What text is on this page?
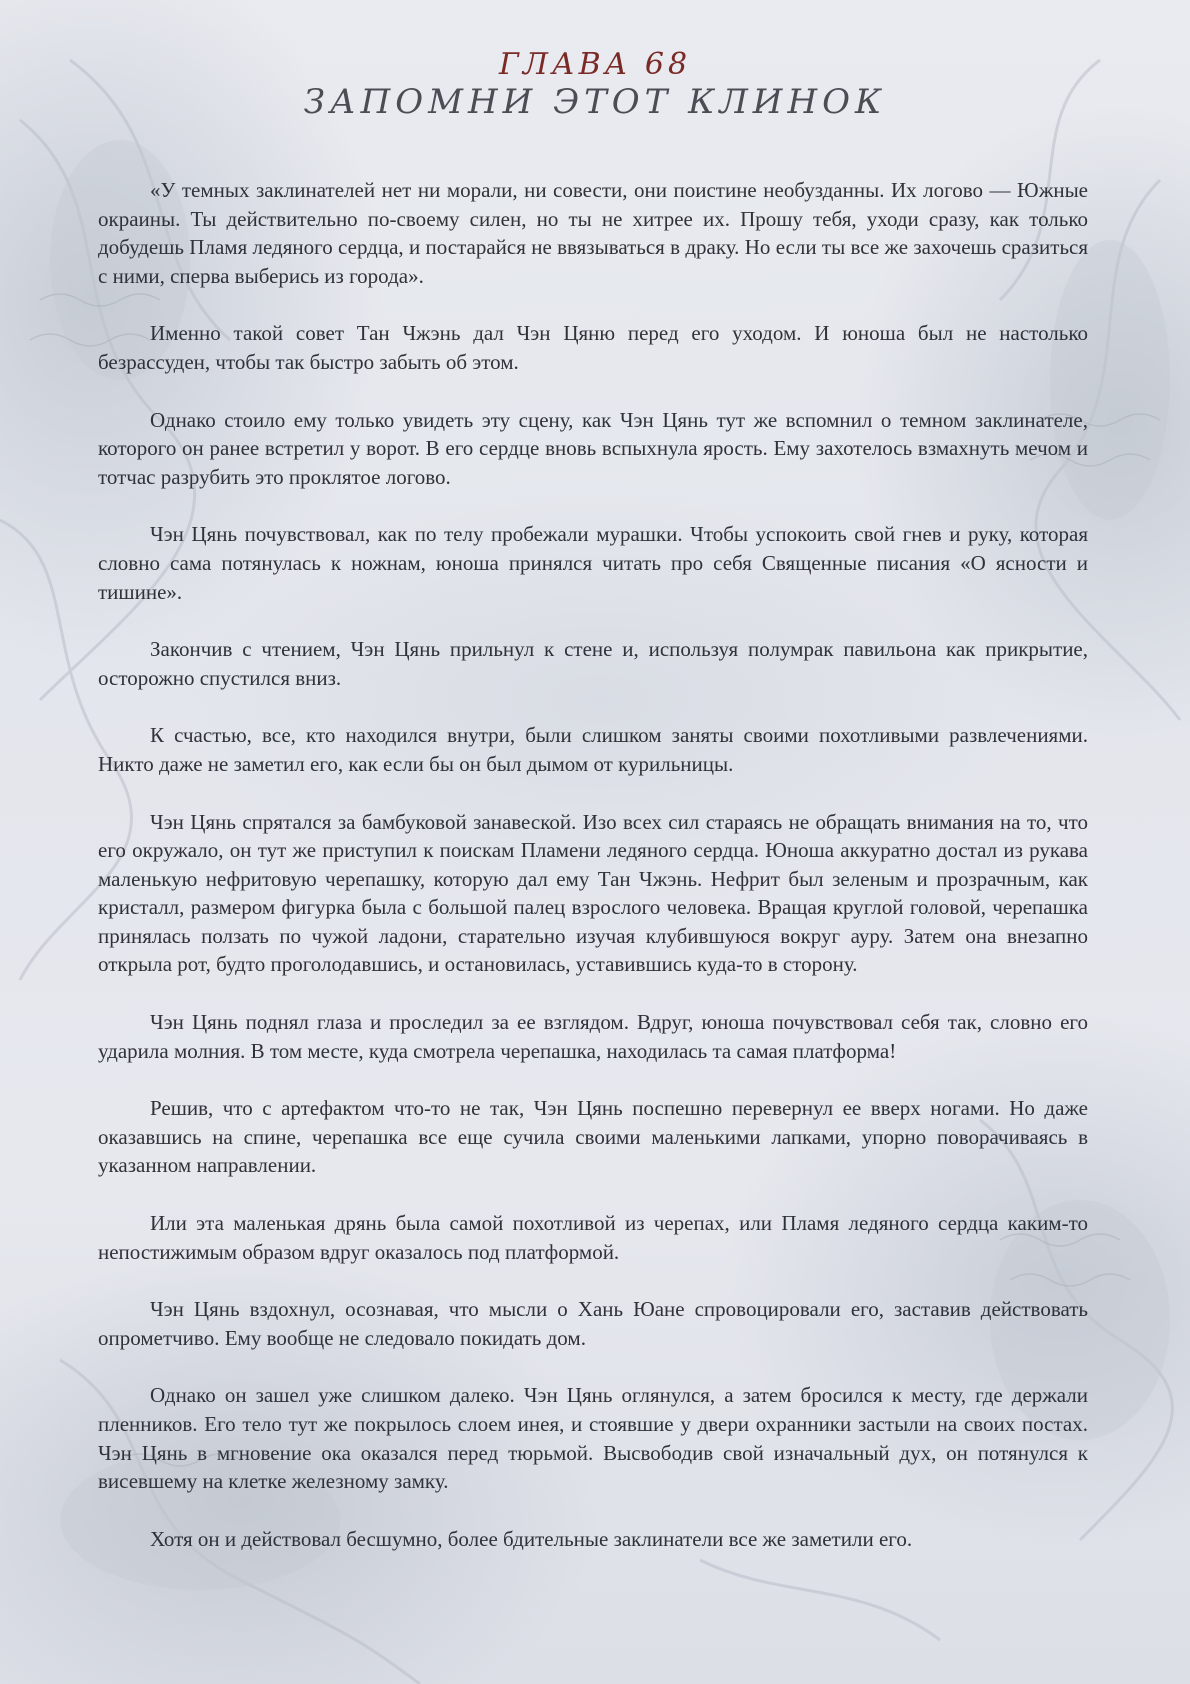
ГЛАВА 68
ЗАПОМНИ ЭТОТ КЛИНОК

«У темных заклинателей нет ни морали, ни совести, они поистине необузданны. Их логово — Южные окраины. Ты действительно по-своему силен, но ты не хитрее их. Прошу тебя, уходи сразу, как только добудешь Пламя ледяного сердца, и постарайся не ввязываться в драку. Но если ты все же захочешь сразиться с ними, сперва выберись из города».

Именно такой совет Тан Чжэнь дал Чэн Цяню перед его уходом. И юноша был не настолько безрассуден, чтобы так быстро забыть об этом.

Однако стоило ему только увидеть эту сцену, как Чэн Цянь тут же вспомнил о темном заклинателе, которого он ранее встретил у ворот. В его сердце вновь вспыхнула ярость. Ему захотелось взмахнуть мечом и тотчас разрубить это проклятое логово.

Чэн Цянь почувствовал, как по телу пробежали мурашки. Чтобы успокоить свой гнев и руку, которая словно сама потянулась к ножнам, юноша принялся читать про себя Священные писания «О ясности и тишине».

Закончив с чтением, Чэн Цянь прильнул к стене и, используя полумрак павильона как прикрытие, осторожно спустился вниз.

К счастью, все, кто находился внутри, были слишком заняты своими похотливыми развлечениями. Никто даже не заметил его, как если бы он был дымом от курильницы.

Чэн Цянь спрятался за бамбуковой занавеской. Изо всех сил стараясь не обращать внимания на то, что его окружало, он тут же приступил к поискам Пламени ледяного сердца. Юноша аккуратно достал из рукава маленькую нефритовую черепашку, которую дал ему Тан Чжэнь. Нефрит был зеленым и прозрачным, как кристалл, размером фигурка была с большой палец взрослого человека. Вращая круглой головой, черепашка принялась ползать по чужой ладони, старательно изучая клубившуюся вокруг ауру. Затем она внезапно открыла рот, будто проголодавшись, и остановилась, уставившись куда-то в сторону.

Чэн Цянь поднял глаза и проследил за ее взглядом. Вдруг, юноша почувствовал себя так, словно его ударила молния. В том месте, куда смотрела черепашка, находилась та самая платформа!

Решив, что с артефактом что-то не так, Чэн Цянь поспешно перевернул ее вверх ногами. Но даже оказавшись на спине, черепашка все еще сучила своими маленькими лапками, упорно поворачиваясь в указанном направлении.

Или эта маленькая дрянь была самой похотливой из черепах, или Пламя ледяного сердца каким-то непостижимым образом вдруг оказалось под платформой.

Чэн Цянь вздохнул, осознавая, что мысли о Хань Юане спровоцировали его, заставив действовать опрометчиво. Ему вообще не следовало покидать дом.

Однако он зашел уже слишком далеко. Чэн Цянь оглянулся, а затем бросился к месту, где держали пленников. Его тело тут же покрылось слоем инея, и стоявшие у двери охранники застыли на своих постах. Чэн Цянь в мгновение ока оказался перед тюрьмой. Высвободив свой изначальный дух, он потянулся к висевшему на клетке железному замку.

Хотя он и действовал бесшумно, более бдительные заклинатели все же заметили его.
